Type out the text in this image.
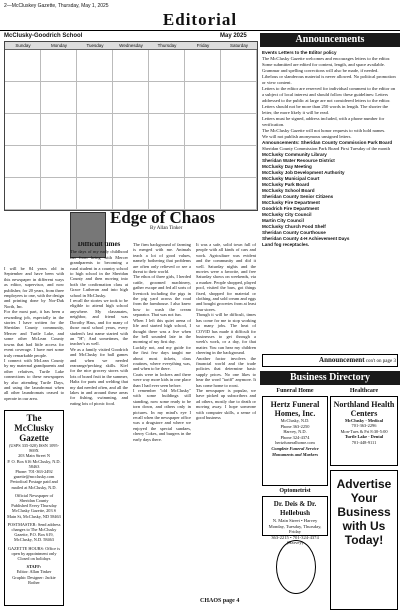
2—McCluskey Gazette, Thursday, May 1, 2025
Editorial
McClusky-Goodrich School	May 2025
Sunday	Monday	Tuesday	Wednesday	Thursday	Friday	Saturday
Announcements
Events Letters to the Editor policy
The McClusky Gazette welcomes and encourages letters to the editor.
Some submitted are edited for content, length, and space available. Grammar and spelling corrections will also be made, if needed.
Libelous or slanderous material is never allowed. No political promotion or view content.
Letters to the editor are reserved for individual comment to the editor on a subject of local interest and should follow these guidelines: Letters addressed to the public at large are not considered letters to the editor.
Letters should not be more than 250 words in length. The shorter the letter, the more likely it will be read.
Letters must be signed, address included, with a phone number for verification.
The McClusky Gazette will not honor requests to with hold names.
We will not publish anonymous unsigned letters.
Announcements: Sheridan County Commission Park Board
Sheridan County Commission Park Board First Tuesday of the month
McClusky Community Library
Sheridan Water Resource District
McClusky Day Meeting
McClusky Job Development Authority
McClusky Municipal Court
McClusky Park Board
McClusky School Board
Sheridan County Senior Citizens
McClusky Fire Department
Goodrich Fire Department
McClusky City Council
Martin City Council
McClusky Church Food Shelf
Sheridan County Courthouse
Sheridan County 4-H Achievement Days
Land fog receptacles.
Announcement con't on page 3
Edge of Chaos
By Allan Tinker

I will be 84 years old in September and have been with this newspaper in different ways as editor, supervisor, and now publisher, for 20 years, from three employees to one, with the design and printing done by Nor-Dak North, Inc.

For the most part, it has been a rewarding job, especially in the stories I have written for the Sheridan County community, Mercer and Turtle Lake, and some other McLean County towns that had little access for event coverage. I have met some truly remarkable people.

I connect with McLean County by my maternal grandparents and other relatives, Turtle Lake connections to these newspapers by also attending Turtle Days, and using the laundromat when all other laundromats ceased to operate in our area.

Difficult times

The days of my early childhood ran from being with Mercer grandparents to becoming a rural student in a country school to high school in the Sheridan County and then moving into both the confirmation class at Grace Lutheran and into high school in McClusky.

I recall the stories we took to be eligible to attend high school anywhere. My classmates, neighbor, and friend was Dorothy Hass, and for many of those rural school years, every student's last name started with an "H"; And sometimes, the teacher's as well.

We as a family visited Goodrich and McClusky for ball games and when we needed rearrange/pecking skills. Kief for the nice grocery stores with lots of board fruit in the summer, Haltz for parts and welding that my dad needed often, and all the lakes in and around these areas for fishing, swimming, and eating lots of picnic food.

The firm background of farming is merged with me. Animals teach a lot of good values, namely bothering that problems are often only relieved or see a threat to their world.

The ethos of three girls, I herded cattle, groomed machinery, gather escape and fed all sorts of livestock including the pigs in the pig yard across the road from the farmhouse. I also knew how to wash the cream separator. That was not fun.

When I left this quiet arena of life and started high school, I thought there was a five when the bell sounded late in the morning of my first day.

Luckily not, and my guide for the first few days taught me about most tickets, class routines, where everything was, and when to be there.

Coats were in lockers and there were way more kids in one place than I had ever seen before.

I remember "old McClusky" with some buildings still standing, now some ready to be torn down, and others only in pictures. In my mind's eye I recall when the newspaper office was a drugstore and where we enjoyed the special sundaes, cherry Cokes, and burgers in the early days there.

It was a safe, solid town full of people with all kinds of cars and work. Agriculture was evident and the community and did it well. Saturday nights and the movies were a favorite, and free Saturday shows on weekends, via a marker. People shopped, played pool, visited the bars, got things fixed, shopped for material or clothing, and sold cream and eggs and bought groceries from at least four stores.

Though it will be difficult, times has come for me to stop working so many jobs. The heat of COVID has made it difficult for businesses to get through a week's work, or a day, for that matter. You can hear my children cheering in the background.

Another factor involves the financial world and the trade policies that determine basic supply prices. No one likes to hear the word "tariff" anymore. It has come home to roost.

The newspaper is popular, we have picked up subscribers and ad others, mostly due to death or moving away. I hope someone with computer skills, a sense of good business

CHAOS page 4
The McClusky Gazette
(USPS 335-020) ISSN 1095-869X
203 Main Street N
P. O. Box 616 McClusky, N.D. 58463
Phone: 701-363-2492
gazette@mcclusky.com
Periodical Postage paid and mailed at McClusky, N.D.
Official Newspaper of Sheridan County
Published Every Thursday
McClusky Gazette, 203 S Main St, McClusky, ND 58463
POSTMASTER: Send address changes to The McClusky Gazette, P.O. Box 619, McClusky, N.D. 58463
GAZETTE HOURS: Office is open by appointment only
Closed on holidays
STAFF:
Editor: Allan Tinker
Graphic Designer: Jackie Rother
Business Directory
Funeral Home
Hertz Funeral Homes, Inc.
McClusky, N.D.
Phone 363-2250
Harvey, N.D.
Phone 324-4374
hertzfuneralhome.com
Complete Funeral Service Monuments and Markers
Healthcare
Northland Health Centers
McClusky - Medical
701-363-2296
Mon-Tues & Fri 8:30-5:00
Turtle Lake - Dental
701-448-9111
Optometrist
Dr. Deis & Dr. Hellebush
N. Main Street • Harvey
Monday, Tuesday, Thursday, Friday
363-2215 • 701-324-4374 (Harvey)
Advertise Your Business with Us Today!
